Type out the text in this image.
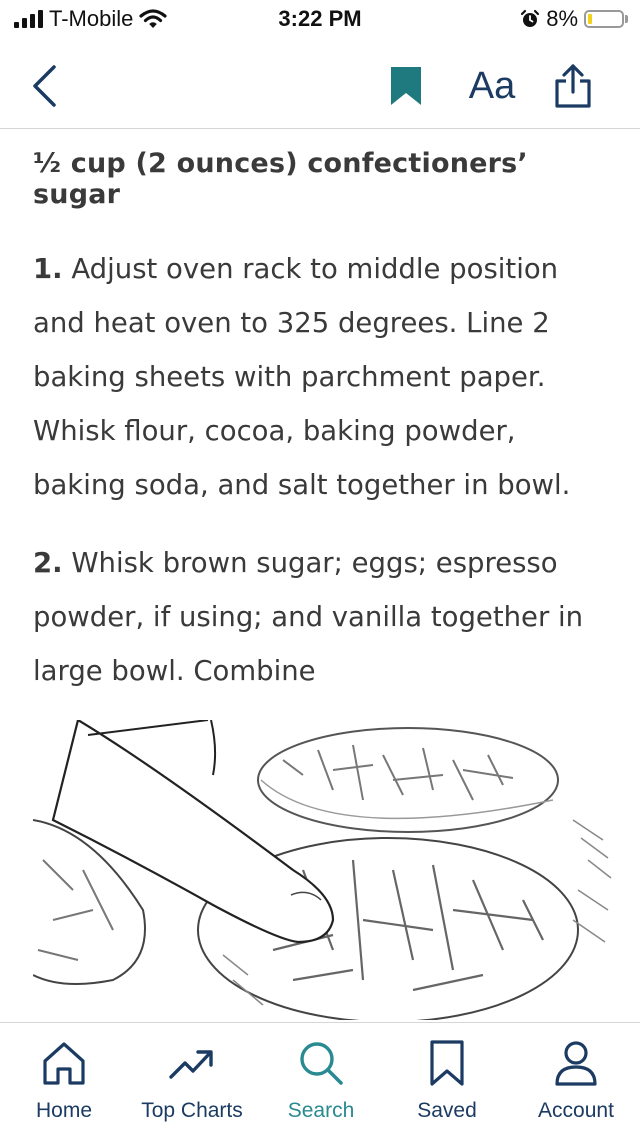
T-Mobile	3:22 PM	8%
Aa

½ cup (2 ounces) confectioners’ sugar

1. Adjust oven rack to middle position and heat oven to 325 degrees. Line 2 baking sheets with parchment paper. Whisk flour, cocoa, baking powder, baking soda, and salt together in bowl.

2. Whisk brown sugar; eggs; espresso powder, if using; and vanilla together in large bowl. Combine

Home Top Charts Search	Saved	Account
